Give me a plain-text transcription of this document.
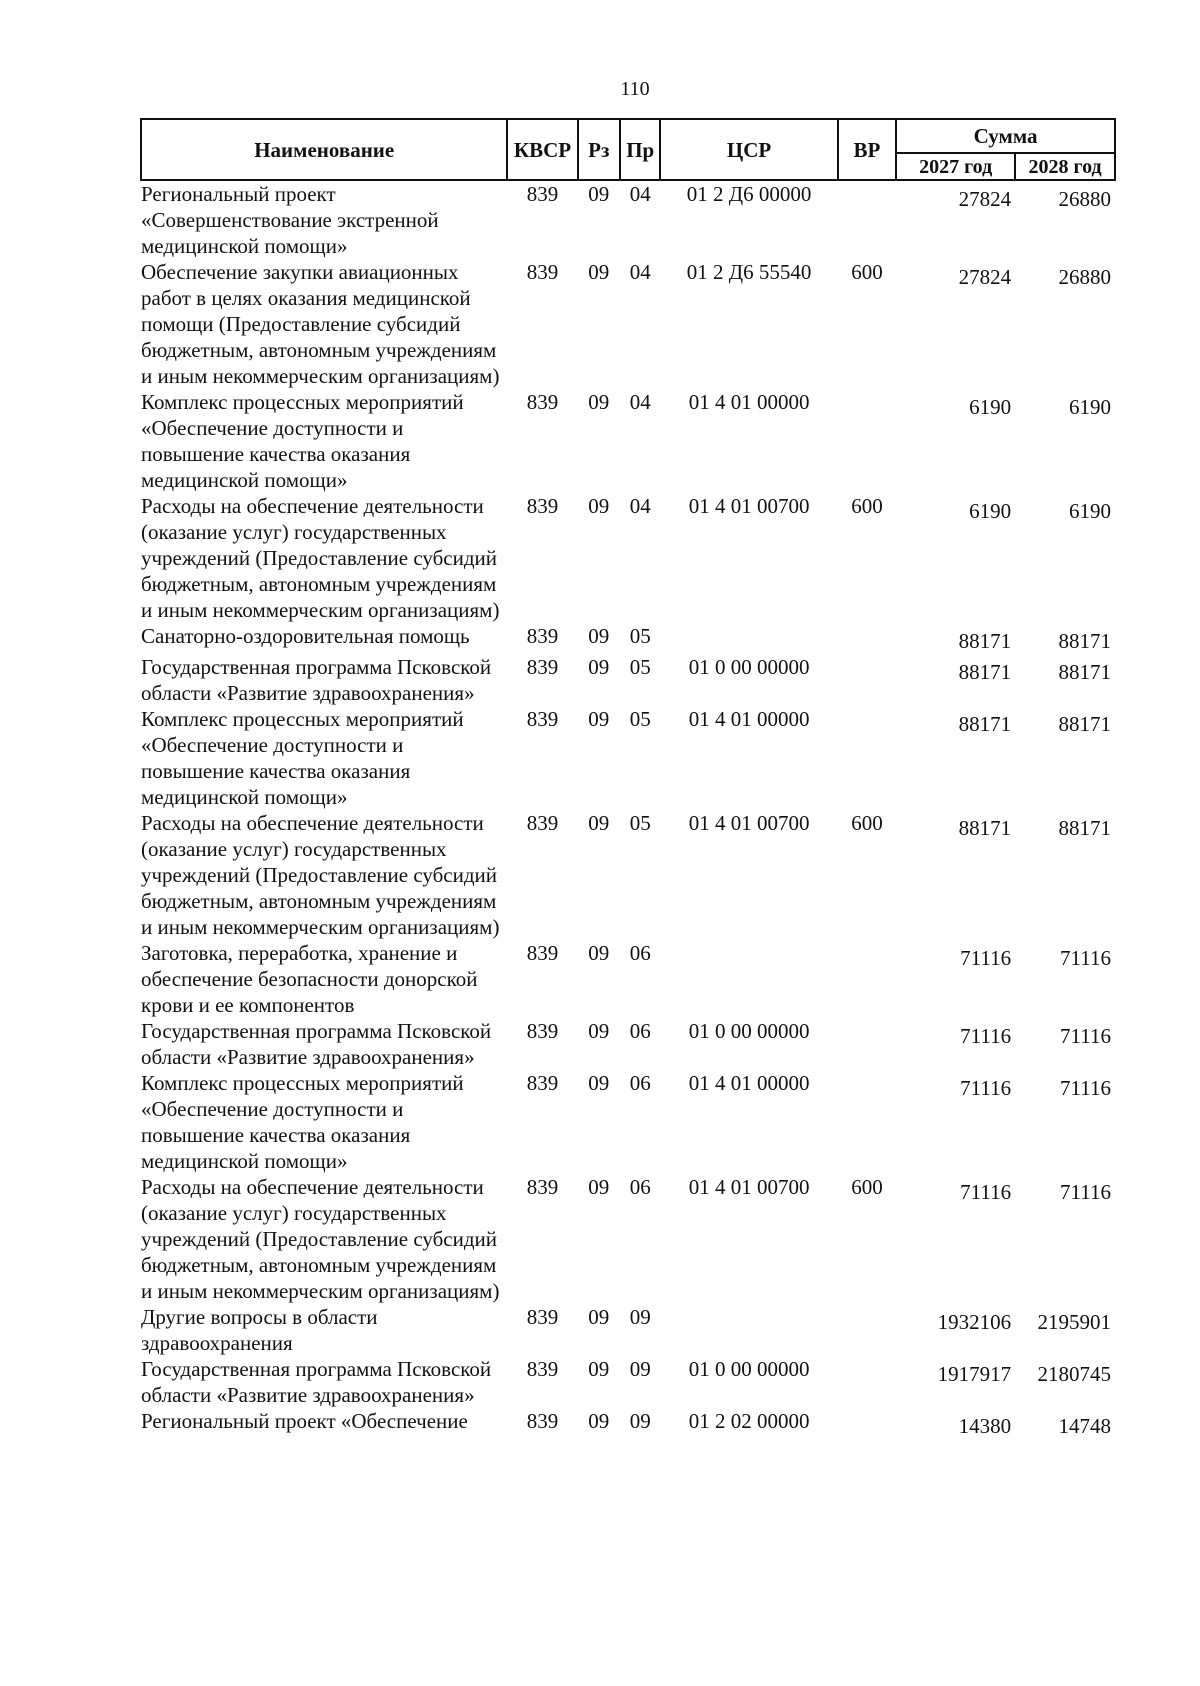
110
Наименование	КВСР	Рз	Пр	ЦСР	ВР	Сумма	
						2027 год	2028 год
Региональный проект «Совершенствование экстренной медицинской помощи»	839	09	04	01 2 Д6 00000		27824	26880
Обеспечение закупки авиационных работ в целях оказания медицинской помощи (Предоставление субсидий бюджетным, автономным учреждениям и иным некоммерческим организациям)	839	09	04	01 2 Д6 55540	600	27824	26880
Комплекс процессных мероприятий «Обеспечение доступности и повышение качества оказания медицинской помощи»	839	09	04	01 4 01 00000		6190	6190
Расходы на обеспечение деятельности (оказание услуг) государственных учреждений (Предоставление субсидий бюджетным, автономным учреждениям и иным некоммерческим организациям)	839	09	04	01 4 01 00700	600	6190	6190
Санаторно-оздоровительная помощь	839	09	05			88171	88171
Государственная программа Псковской области «Развитие здравоохранения»	839	09	05	01 0 00 00000		88171	88171
Комплекс процессных мероприятий «Обеспечение доступности и повышение качества оказания медицинской помощи»	839	09	05	01 4 01 00000		88171	88171
Расходы на обеспечение деятельности (оказание услуг) государственных учреждений (Предоставление субсидий бюджетным, автономным учреждениям и иным некоммерческим организациям)	839	09	05	01 4 01 00700	600	88171	88171
Заготовка, переработка, хранение и обеспечение безопасности донорской крови и ее компонентов	839	09	06			71116	71116
Государственная программа Псковской области «Развитие здравоохранения»	839	09	06	01 0 00 00000		71116	71116
Комплекс процессных мероприятий «Обеспечение доступности и повышение качества оказания медицинской помощи»	839	09	06	01 4 01 00000		71116	71116
Расходы на обеспечение деятельности (оказание услуг) государственных учреждений (Предоставление субсидий бюджетным, автономным учреждениям и иным некоммерческим организациям)	839	09	06	01 4 01 00700	600	71116	71116
Другие вопросы в области здравоохранения	839	09	09			1932106	2195901
Государственная программа Псковской области «Развитие здравоохранения»	839	09	09	01 0 00 00000		1917917	2180745
Региональный проект «Обеспечение	839	09	09	01 2 02 00000		14380	14748
